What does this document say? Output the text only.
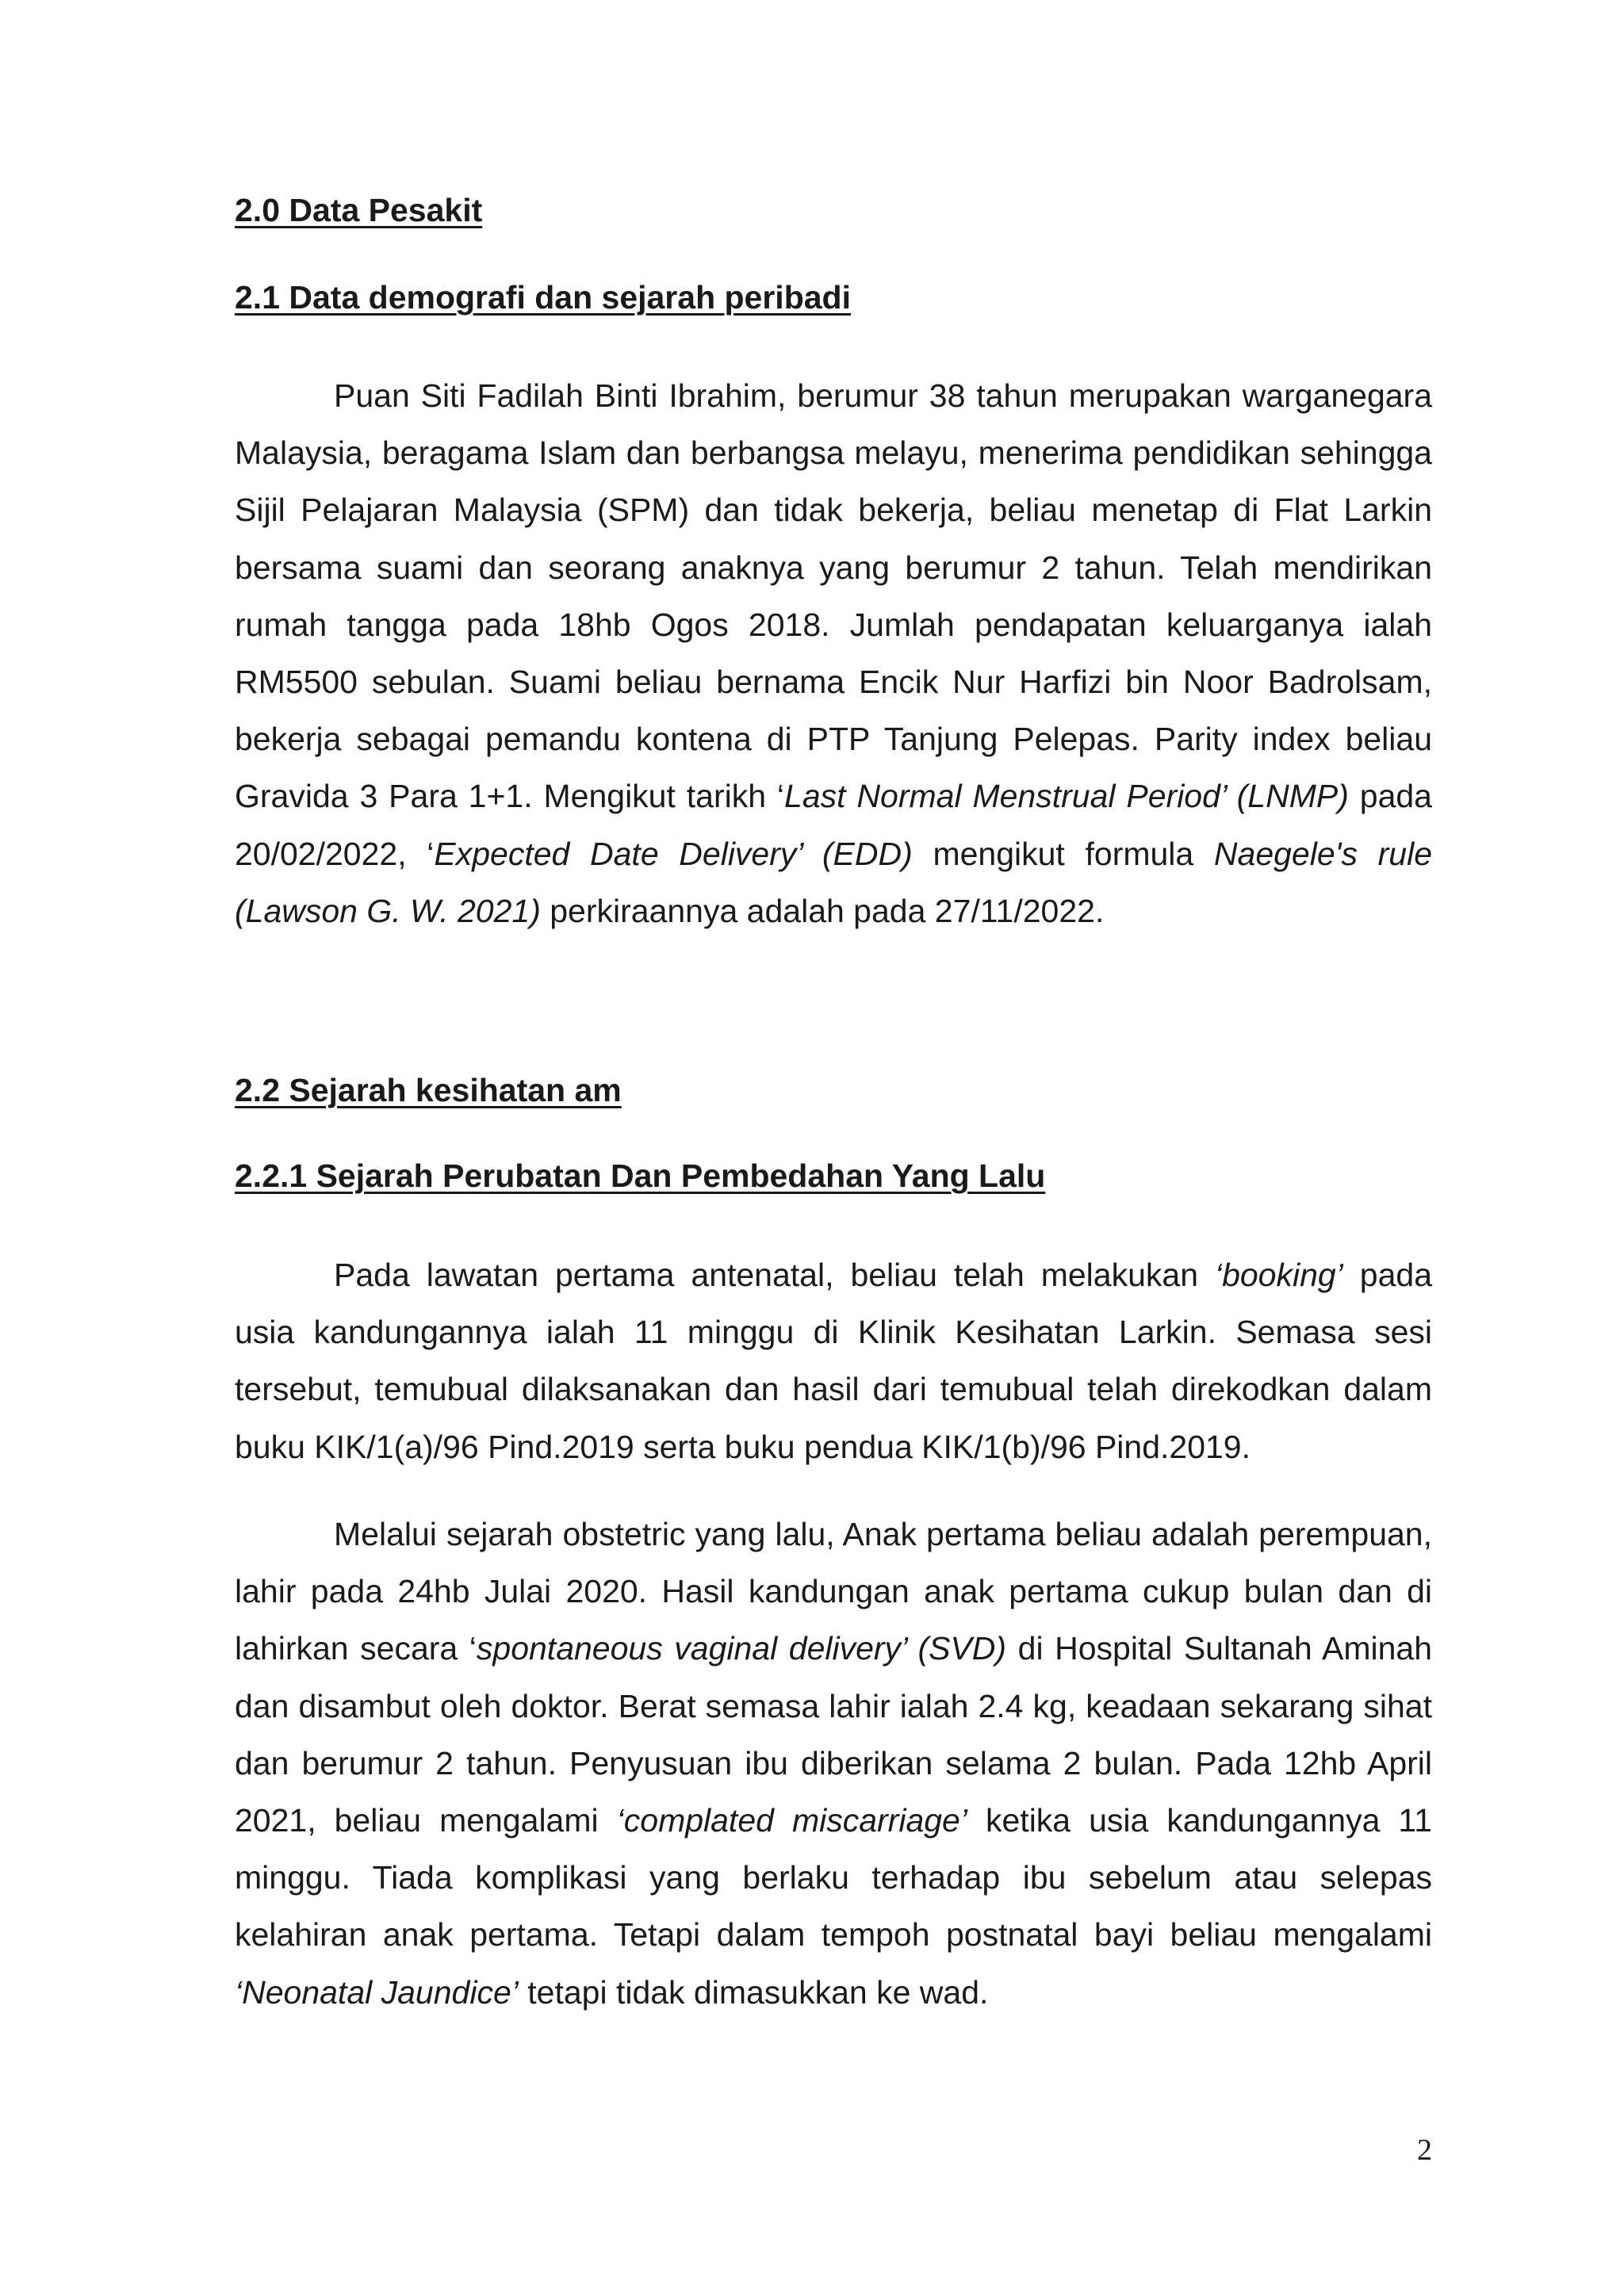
2.0 Data Pesakit
2.1 Data demografi dan sejarah peribadi

Puan Siti Fadilah Binti Ibrahim, berumur 38 tahun merupakan warganegara Malaysia, beragama Islam dan berbangsa melayu, menerima pendidikan sehingga Sijil Pelajaran Malaysia (SPM) dan tidak bekerja, beliau menetap di Flat Larkin bersama suami dan seorang anaknya yang berumur 2 tahun. Telah mendirikan rumah tangga pada 18hb Ogos 2018. Jumlah pendapatan keluarganya ialah RM5500 sebulan. Suami beliau bernama Encik Nur Harfizi bin Noor Badrolsam, bekerja sebagai pemandu kontena di PTP Tanjung Pelepas. Parity index beliau Gravida 3 Para 1+1. Mengikut tarikh ‘Last Normal Menstrual Period’ (LNMP) pada 20/02/2022, ‘Expected Date Delivery’ (EDD) mengikut formula Naegele's rule (Lawson G. W. 2021) perkiraannya adalah pada 27/11/2022.

2.2 Sejarah kesihatan am
2.2.1 Sejarah Perubatan Dan Pembedahan Yang Lalu

Pada lawatan pertama antenatal, beliau telah melakukan ‘booking’ pada usia kandungannya ialah 11 minggu di Klinik Kesihatan Larkin. Semasa sesi tersebut, temubual dilaksanakan dan hasil dari temubual telah direkodkan dalam buku KIK/1(a)/96 Pind.2019 serta buku pendua KIK/1(b)/96 Pind.2019.

Melalui sejarah obstetric yang lalu, Anak pertama beliau adalah perempuan, lahir pada 24hb Julai 2020. Hasil kandungan anak pertama cukup bulan dan di lahirkan secara ‘spontaneous vaginal delivery’ (SVD) di Hospital Sultanah Aminah dan disambut oleh doktor. Berat semasa lahir ialah 2.4 kg, keadaan sekarang sihat dan berumur 2 tahun. Penyusuan ibu diberikan selama 2 bulan. Pada 12hb April 2021, beliau mengalami ‘complated miscarriage’ ketika usia kandungannya 11 minggu. Tiada komplikasi yang berlaku terhadap ibu sebelum atau selepas kelahiran anak pertama. Tetapi dalam tempoh postnatal bayi beliau mengalami ‘Neonatal Jaundice’ tetapi tidak dimasukkan ke wad.

2
